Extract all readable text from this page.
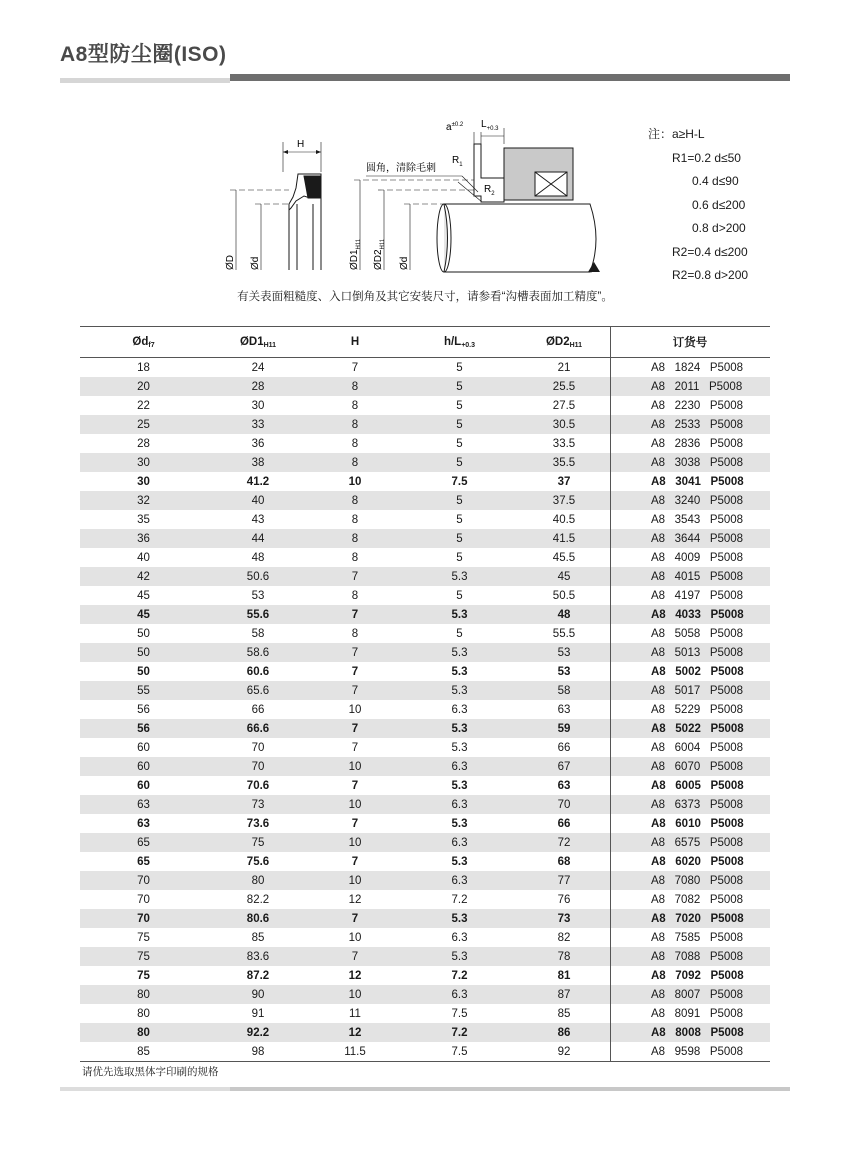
A8型防尘圈(ISO)
H
ØD Ød
$a^{\pm 0.2}$ $L_{+0.3}$
$R_1$
$R_2$
圆角，清除毛刺
$ØD1_{H11}$
$ØD2_{H11}$
Ød
注：a≥H-L
R1=0.2 d≤50
0.4 d≤90
0.6 d≤200
0.8 d>200
R2=0.4 d≤200
R2=0.8 d>200
有关表面粗糙度、入口倒角及其它安装尺寸，请参看“沟槽表面加工精度”。
$Ød_{f7}$	$ØD1_{H11}$	H	$h/L_{+0.3}$	$ØD2_{H11}$	订货号
18	24	7	5	21	A8   1824   P5008
20	28	8	5	25.5	A8   2011   P5008
22	30	8	5	27.5	A8   2230   P5008
25	33	8	5	30.5	A8   2533   P5008
28	36	8	5	33.5	A8   2836   P5008
30	38	8	5	35.5	A8   3038   P5008
30	41.2	10	7.5	37	A8   3041   P5008
32	40	8	5	37.5	A8   3240   P5008
35	43	8	5	40.5	A8   3543   P5008
36	44	8	5	41.5	A8   3644   P5008
40	48	8	5	45.5	A8   4009   P5008
42	50.6	7	5.3	45	A8   4015   P5008
45	53	8	5	50.5	A8   4197   P5008
45	55.6	7	5.3	48	A8   4033   P5008
50	58	8	5	55.5	A8   5058   P5008
50	58.6	7	5.3	53	A8   5013   P5008
50	60.6	7	5.3	53	A8   5002   P5008
55	65.6	7	5.3	58	A8   5017   P5008
56	66	10	6.3	63	A8   5229   P5008
56	66.6	7	5.3	59	A8   5022   P5008
60	70	7	5.3	66	A8   6004   P5008
60	70	10	6.3	67	A8   6070   P5008
60	70.6	7	5.3	63	A8   6005   P5008
63	73	10	6.3	70	A8   6373   P5008
63	73.6	7	5.3	66	A8   6010   P5008
65	75	10	6.3	72	A8   6575   P5008
65	75.6	7	5.3	68	A8   6020   P5008
70	80	10	6.3	77	A8   7080   P5008
70	82.2	12	7.2	76	A8   7082   P5008
70	80.6	7	5.3	73	A8   7020   P5008
75	85	10	6.3	82	A8   7585   P5008
75	83.6	7	5.3	78	A8   7088   P5008
75	87.2	12	7.2	81	A8   7092   P5008
80	90	10	6.3	87	A8   8007   P5008
80	91	11	7.5	85	A8   8091   P5008
80	92.2	12	7.2	86	A8   8008   P5008
85	98	11.5	7.5	92	A8   9598   P5008
请优先选取黑体字印刷的规格
